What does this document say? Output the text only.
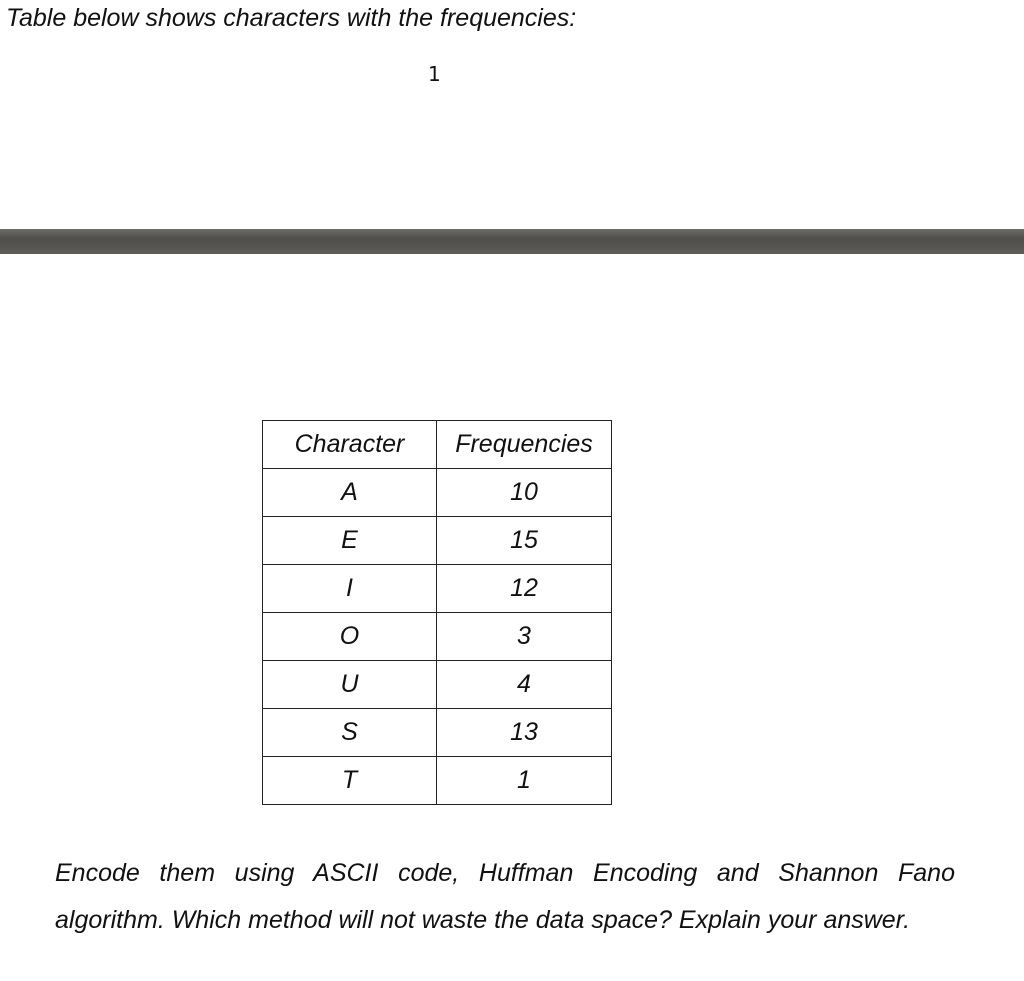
Table below shows characters with the frequencies:
1
Character	Frequencies
A	10
E	15
I	12
O	3
U	4
S	13
T	1
Encode them using ASCII code, Huffman Encoding and Shannon Fano algorithm. Which method will not waste the data space? Explain your answer.
